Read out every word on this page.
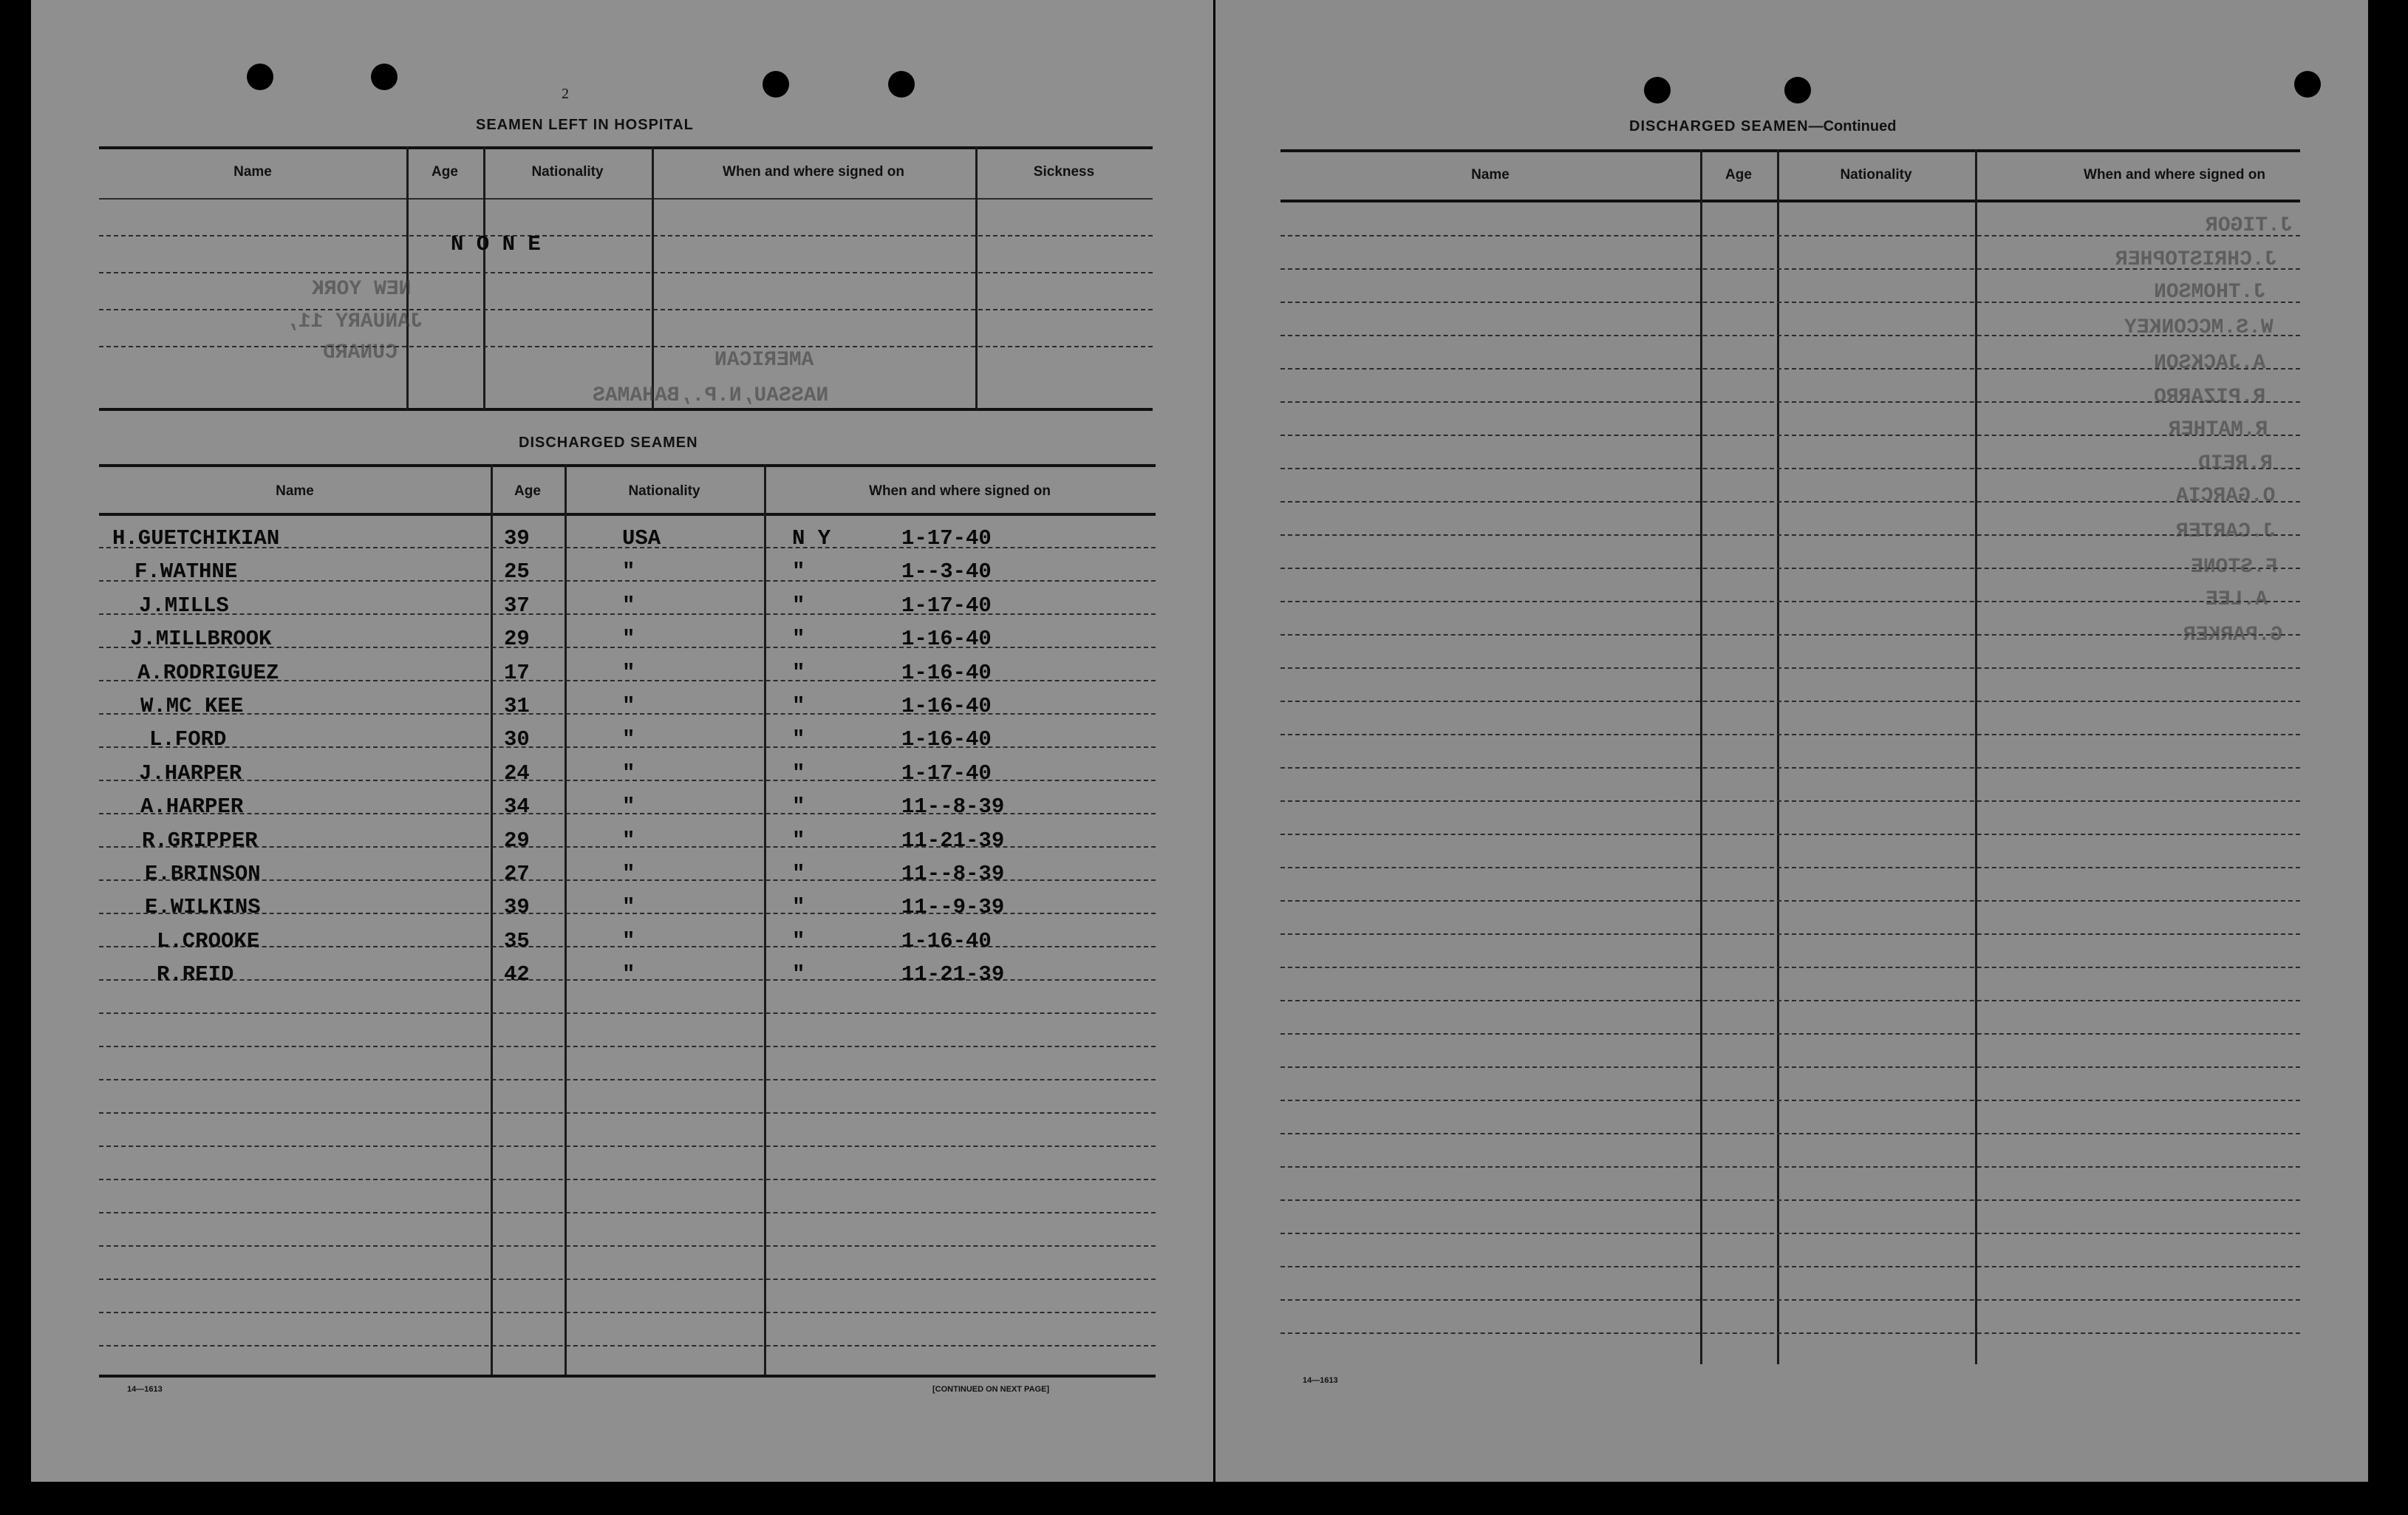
2
SEAMEN LEFT IN HOSPITAL
Name	Age	Nationality	When and where signed on	Sickness
N O N E
NEW YORK
JANUARY 11,
CUNARD	AMERICAN
NASSAU,N.P.,BAHAMAS
DISCHARGED SEAMEN
Name	Age	Nationality	When and where signed on
H.GUETCHIKIAN	39	USA	N Y	1-17-40
F.WATHNE	25	"	"	1--3-40
J.MILLS	37	"	"	1-17-40
J.MILLBROOK	29	"	"	1-16-40
A.RODRIGUEZ	17	"	"	1-16-40
W.MC KEE	31	"	"	1-16-40
L.FORD	30	"	"	1-16-40
J.HARPER	24	"	"	1-17-40
A.HARPER	34	"	"	11--8-39
R.GRIPPER	29	"	"	11-21-39
E.BRINSON	27	"	"	11--8-39
E.WILKINS	39	"	"	11--9-39
L.CROOKE	35	"	"	1-16-40
R.REID	42	"	"	11-21-39
14—1613	[CONTINUED ON NEXT PAGE]
DISCHARGED SEAMEN—Continued
Name	Age	Nationality	When and where signed on
J.TIGOR
J.CHRISTOPHER
J.THOMSON
W.S.MCCONKEY
A.JACKSON
R.PIZARRO
R.MATHER
R.REID
O.GARCIA
J.CARTER
F.STONE
A.LEE
G.PARKER
14—1613
